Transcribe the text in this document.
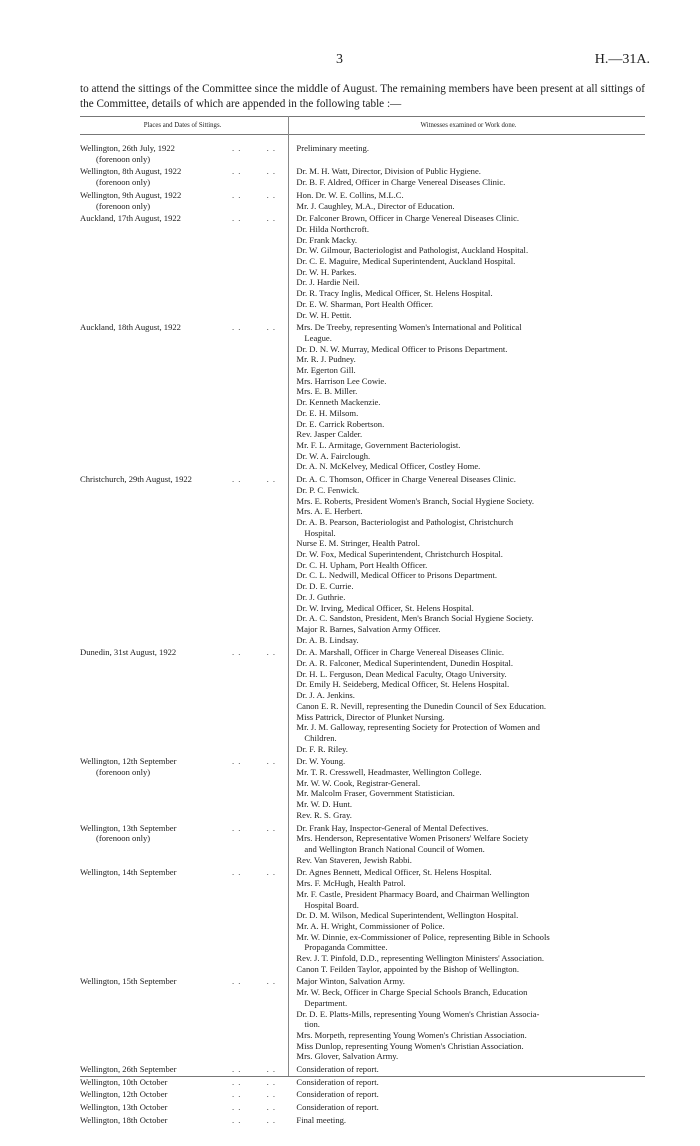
3	H.—31A.
to attend the sittings of the Committee since the middle of August. The remaining members have been present at all sittings of the Committee, details of which are appended in the following table :—
Places and Dates of Sittings.	Witnesses examined or Work done.
Wellington, 26th July, 1922
(forenoon only)
. .        . .	Preliminary meeting.
Wellington, 8th August, 1922
(forenoon only)
. .        . .	Dr. M. H. Watt, Director, Division of Public Hygiene.
Dr. B. F. Aldred, Officer in Charge Venereal Diseases Clinic.
Wellington, 9th August, 1922
(forenoon only)
. .        . .	Hon. Dr. W. E. Collins, M.L.C.
Mr. J. Caughley, M.A., Director of Education.
Auckland, 17th August, 1922	. .        . .	Dr. Falconer Brown, Officer in Charge Venereal Diseases Clinic.
Dr. Hilda Northcroft.
Dr. Frank Macky.
Dr. W. Gilmour, Bacteriologist and Pathologist, Auckland Hospital.
Dr. C. E. Maguire, Medical Superintendent, Auckland Hospital.
Dr. W. H. Parkes.
Dr. J. Hardie Neil.
Dr. R. Tracy Inglis, Medical Officer, St. Helens Hospital.
Dr. E. W. Sharman, Port Health Officer.
Dr. W. H. Pettit.
Auckland, 18th August, 1922	. .        . .	Mrs. De Treeby, representing Women's International and Political
League.
Dr. D. N. W. Murray, Medical Officer to Prisons Department.
Mr. R. J. Pudney.
Mr. Egerton Gill.
Mrs. Harrison Lee Cowie.
Mrs. E. B. Miller.
Dr. Kenneth Mackenzie.
Dr. E. H. Milsom.
Dr. E. Carrick Robertson.
Rev. Jasper Calder.
Mr. F. L. Armitage, Government Bacteriologist.
Dr. W. A. Fairclough.
Dr. A. N. McKelvey, Medical Officer, Costley Home.
Christchurch, 29th August, 1922	. .        . .	Dr. A. C. Thomson, Officer in Charge Venereal Diseases Clinic.
Dr. P. C. Fenwick.
Mrs. E. Roberts, President Women's Branch, Social Hygiene Society.
Mrs. A. E. Herbert.
Dr. A. B. Pearson, Bacteriologist and Pathologist, Christchurch
Hospital.
Nurse E. M. Stringer, Health Patrol.
Dr. W. Fox, Medical Superintendent, Christchurch Hospital.
Dr. C. H. Upham, Port Health Officer.
Dr. C. L. Nedwill, Medical Officer to Prisons Department.
Dr. D. E. Currie.
Dr. J. Guthrie.
Dr. W. Irving, Medical Officer, St. Helens Hospital.
Dr. A. C. Sandston, President, Men's Branch Social Hygiene Society.
Major R. Barnes, Salvation Army Officer.
Dr. A. B. Lindsay.
Dunedin, 31st August, 1922	. .        . .	Dr. A. Marshall, Officer in Charge Venereal Diseases Clinic.
Dr. A. R. Falconer, Medical Superintendent, Dunedin Hospital.
Dr. H. L. Ferguson, Dean Medical Faculty, Otago University.
Dr. Emily H. Seideberg, Medical Officer, St. Helens Hospital.
Dr. J. A. Jenkins.
Canon E. R. Nevill, representing the Dunedin Council of Sex Education.
Miss Pattrick, Director of Plunket Nursing.
Mr. J. M. Galloway, representing Society for Protection of Women and
Children.
Dr. F. R. Riley.
Wellington, 12th September
(forenoon only)
. .        . .	Dr. W. Young.
Mr. T. R. Cresswell, Headmaster, Wellington College.
Mr. W. W. Cook, Registrar-General.
Mr. Malcolm Fraser, Government Statistician.
Mr. W. D. Hunt.
Rev. R. S. Gray.
Wellington, 13th September
(forenoon only)
. .        . .	Dr. Frank Hay, Inspector-General of Mental Defectives.
Mrs. Henderson, Representative Women Prisoners' Welfare Society
and Wellington Branch National Council of Women.
Rev. Van Staveren, Jewish Rabbi.
Wellington, 14th September	. .        . .	Dr. Agnes Bennett, Medical Officer, St. Helens Hospital.
Mrs. F. McHugh, Health Patrol.
Mr. F. Castle, President Pharmacy Board, and Chairman Wellington
Hospital Board.
Dr. D. M. Wilson, Medical Superintendent, Wellington Hospital.
Mr. A. H. Wright, Commissioner of Police.
Mr. W. Dinnie, ex-Commissioner of Police, representing Bible in Schools
Propaganda Committee.
Rev. J. T. Pinfold, D.D., representing Wellington Ministers' Association.
Canon T. Feilden Taylor, appointed by the Bishop of Wellington.
Wellington, 15th September	. .        . .	Major Winton, Salvation Army.
Mr. W. Beck, Officer in Charge Special Schools Branch, Education
Department.
Dr. D. E. Platts-Mills, representing Young Women's Christian Associa-
tion.
Mrs. Morpeth, representing Young Women's Christian Association.
Miss Dunlop, representing Young Women's Christian Association.
Mrs. Glover, Salvation Army.
Wellington, 26th September	. .        . .	Consideration of report.
Wellington, 10th October	. .        . .	Consideration of report.
Wellington, 12th October	. .        . .	Consideration of report.
Wellington, 13th October	. .        . .	Consideration of report.
Wellington, 18th October	. .        . .	Final meeting.
